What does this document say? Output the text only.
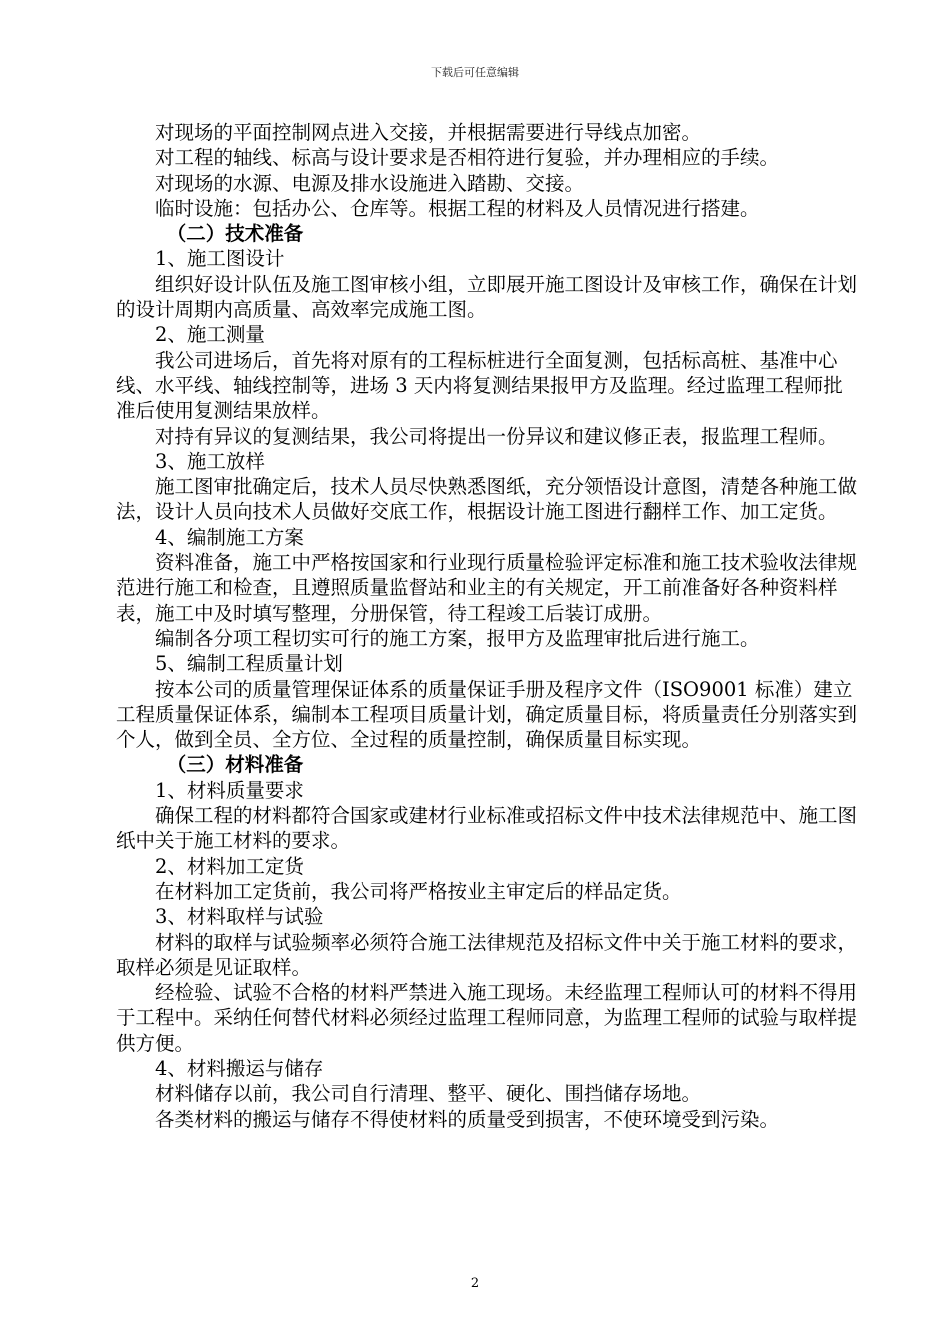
下载后可任意编辑

对现场的平面控制网点进入交接，并根据需要进行导线点加密。

对工程的轴线、标高与设计要求是否相符进行复验，并办理相应的手续。

对现场的水源、电源及排水设施进入踏勘、交接。

临时设施：包括办公、仓库等。根据工程的材料及人员情况进行搭建。

（二）技术准备

1、施工图设计

组织好设计队伍及施工图审核小组，立即展开施工图设计及审核工作，确保在计划的设计周期内高质量、高效率完成施工图。

2、施工测量

我公司进场后，首先将对原有的工程标桩进行全面复测，包括标高桩、基准中心线、水平线、轴线控制等，进场 3 天内将复测结果报甲方及监理。经过监理工程师批准后使用复测结果放样。

对持有异议的复测结果，我公司将提出一份异议和建议修正表，报监理工程师。

3、施工放样

施工图审批确定后，技术人员尽快熟悉图纸，充分领悟设计意图，清楚各种施工做法，设计人员向技术人员做好交底工作，根据设计施工图进行翻样工作、加工定货。

4、编制施工方案

资料准备，施工中严格按国家和行业现行质量检验评定标准和施工技术验收法律规范进行施工和检查，且遵照质量监督站和业主的有关规定，开工前准备好各种资料样表，施工中及时填写整理，分册保管，待工程竣工后装订成册。

编制各分项工程切实可行的施工方案，报甲方及监理审批后进行施工。

5、编制工程质量计划

按本公司的质量管理保证体系的质量保证手册及程序文件（ISO9001 标准）建立工程质量保证体系，编制本工程项目质量计划，确定质量目标，将质量责任分别落实到个人，做到全员、全方位、全过程的质量控制，确保质量目标实现。

（三）材料准备

1、材料质量要求

确保工程的材料都符合国家或建材行业标准或招标文件中技术法律规范中、施工图纸中关于施工材料的要求。

2、材料加工定货

在材料加工定货前，我公司将严格按业主审定后的样品定货。

3、材料取样与试验

材料的取样与试验频率必须符合施工法律规范及招标文件中关于施工材料的要求，取样必须是见证取样。

经检验、试验不合格的材料严禁进入施工现场。未经监理工程师认可的材料不得用于工程中。采纳任何替代材料必须经过监理工程师同意，为监理工程师的试验与取样提供方便。

4、材料搬运与储存

材料储存以前，我公司自行清理、整平、硬化、围挡储存场地。

各类材料的搬运与储存不得使材料的质量受到损害，不使环境受到污染。

2
